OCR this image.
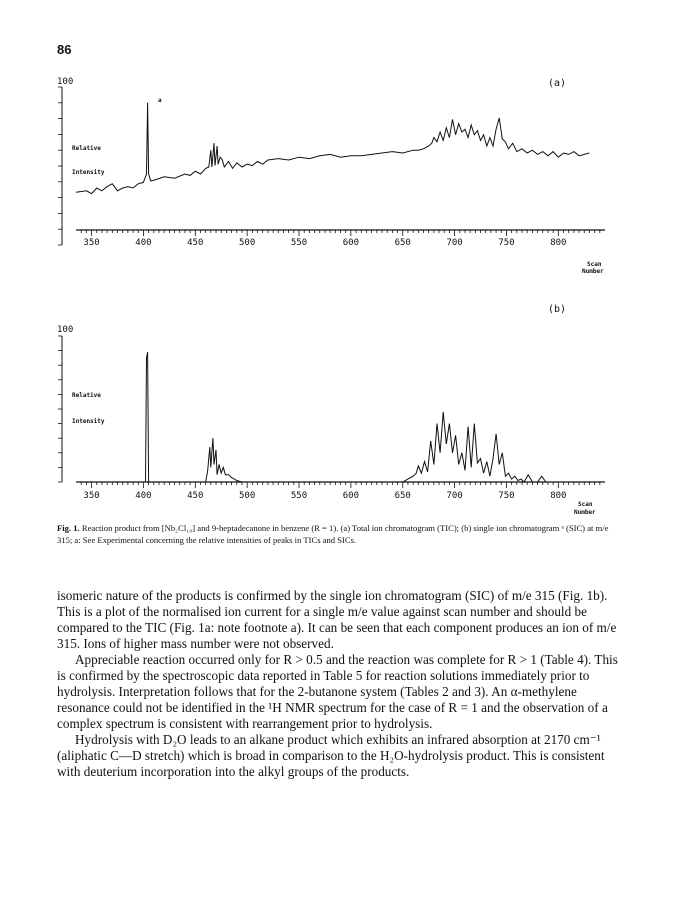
86
100	(a)
Relative
Intensity
a
350	400	450	500	550	600	650	700	750	800
Scan
Number
(b)
100
Relative
Intensity
350	400	450	500	550	600	650	700	750	800
Scan
Number
Fig. 1. Reaction product from [Nb₂Cl₁₀] and 9-heptadecanone in benzene (R = 1). (a) Total ion chromatogram (TIC); (b) single ion chromatogram ᵃ (SIC) at m/e 315; a: See Experimental concerning the relative intensities of peaks in TICs and SICs.

isomeric nature of the products is confirmed by the single ion chromatogram (SIC) of m/e 315 (Fig. 1b). This is a plot of the normalised ion current for a single m/e value against scan number and should be compared to the TIC (Fig. 1a: note footnote a). It can be seen that each component produces an ion of m/e 315. Ions of higher mass number were not observed.

Appreciable reaction occurred only for R > 0.5 and the reaction was complete for R > 1 (Table 4). This is confirmed by the spectroscopic data reported in Table 5 for reaction solutions immediately prior to hydrolysis. Interpretation follows that for the 2-butanone system (Tables 2 and 3). An α-methylene resonance could not be identified in the ¹H NMR spectrum for the case of R = 1 and the observation of a complex spectrum is consistent with rearrangement prior to hydrolysis.

Hydrolysis with D₂O leads to an alkane product which exhibits an infrared absorption at 2170 cm⁻¹ (aliphatic C—D stretch) which is broad in comparison to the H₂O-hydrolysis product. This is consistent with deuterium incorporation into the alkyl groups of the products.
